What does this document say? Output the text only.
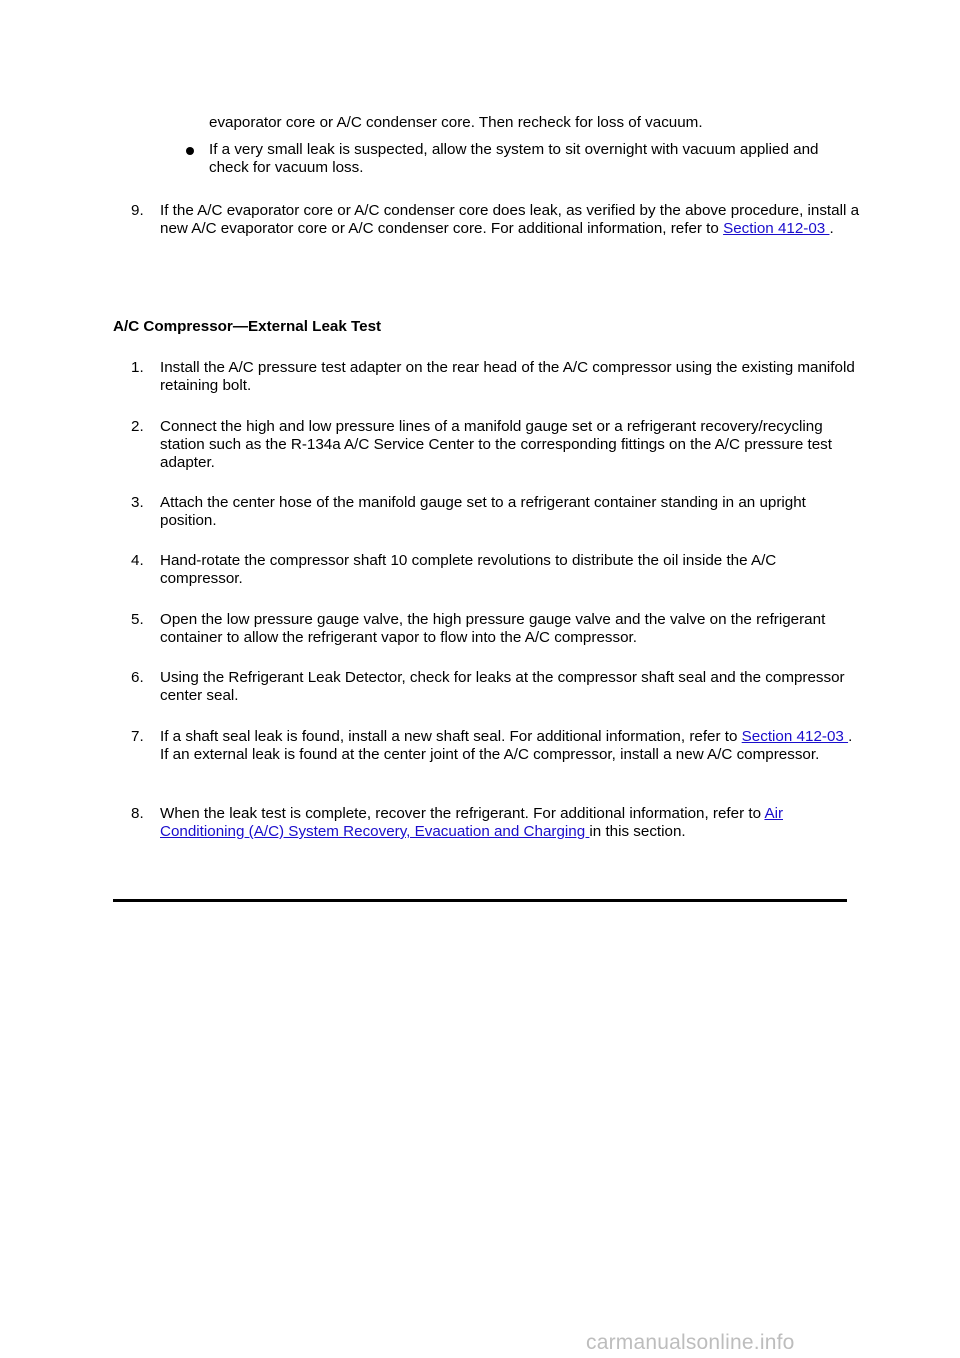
evaporator core or A/C condenser core. Then recheck for loss of vacuum.
If a very small leak is suspected, allow the system to sit overnight with vacuum applied and check for vacuum loss.
9. If the A/C evaporator core or A/C condenser core does leak, as verified by the above procedure, install a new A/C evaporator core or A/C condenser core. For additional information, refer to Section 412-03 .
A/C Compressor—External Leak Test
1. Install the A/C pressure test adapter on the rear head of the A/C compressor using the existing manifold retaining bolt.
2. Connect the high and low pressure lines of a manifold gauge set or a refrigerant recovery/recycling station such as the R-134a A/C Service Center to the corresponding fittings on the A/C pressure test adapter.
3. Attach the center hose of the manifold gauge set to a refrigerant container standing in an upright position.
4. Hand-rotate the compressor shaft 10 complete revolutions to distribute the oil inside the A/C compressor.
5. Open the low pressure gauge valve, the high pressure gauge valve and the valve on the refrigerant container to allow the refrigerant vapor to flow into the A/C compressor.
6. Using the Refrigerant Leak Detector, check for leaks at the compressor shaft seal and the compressor center seal.
7. If a shaft seal leak is found, install a new shaft seal. For additional information, refer to Section 412-03 . If an external leak is found at the center joint of the A/C compressor, install a new A/C compressor.
8. When the leak test is complete, recover the refrigerant. For additional information, refer to Air Conditioning (A/C) System Recovery, Evacuation and Charging in this section.
carmanualsonline.info
